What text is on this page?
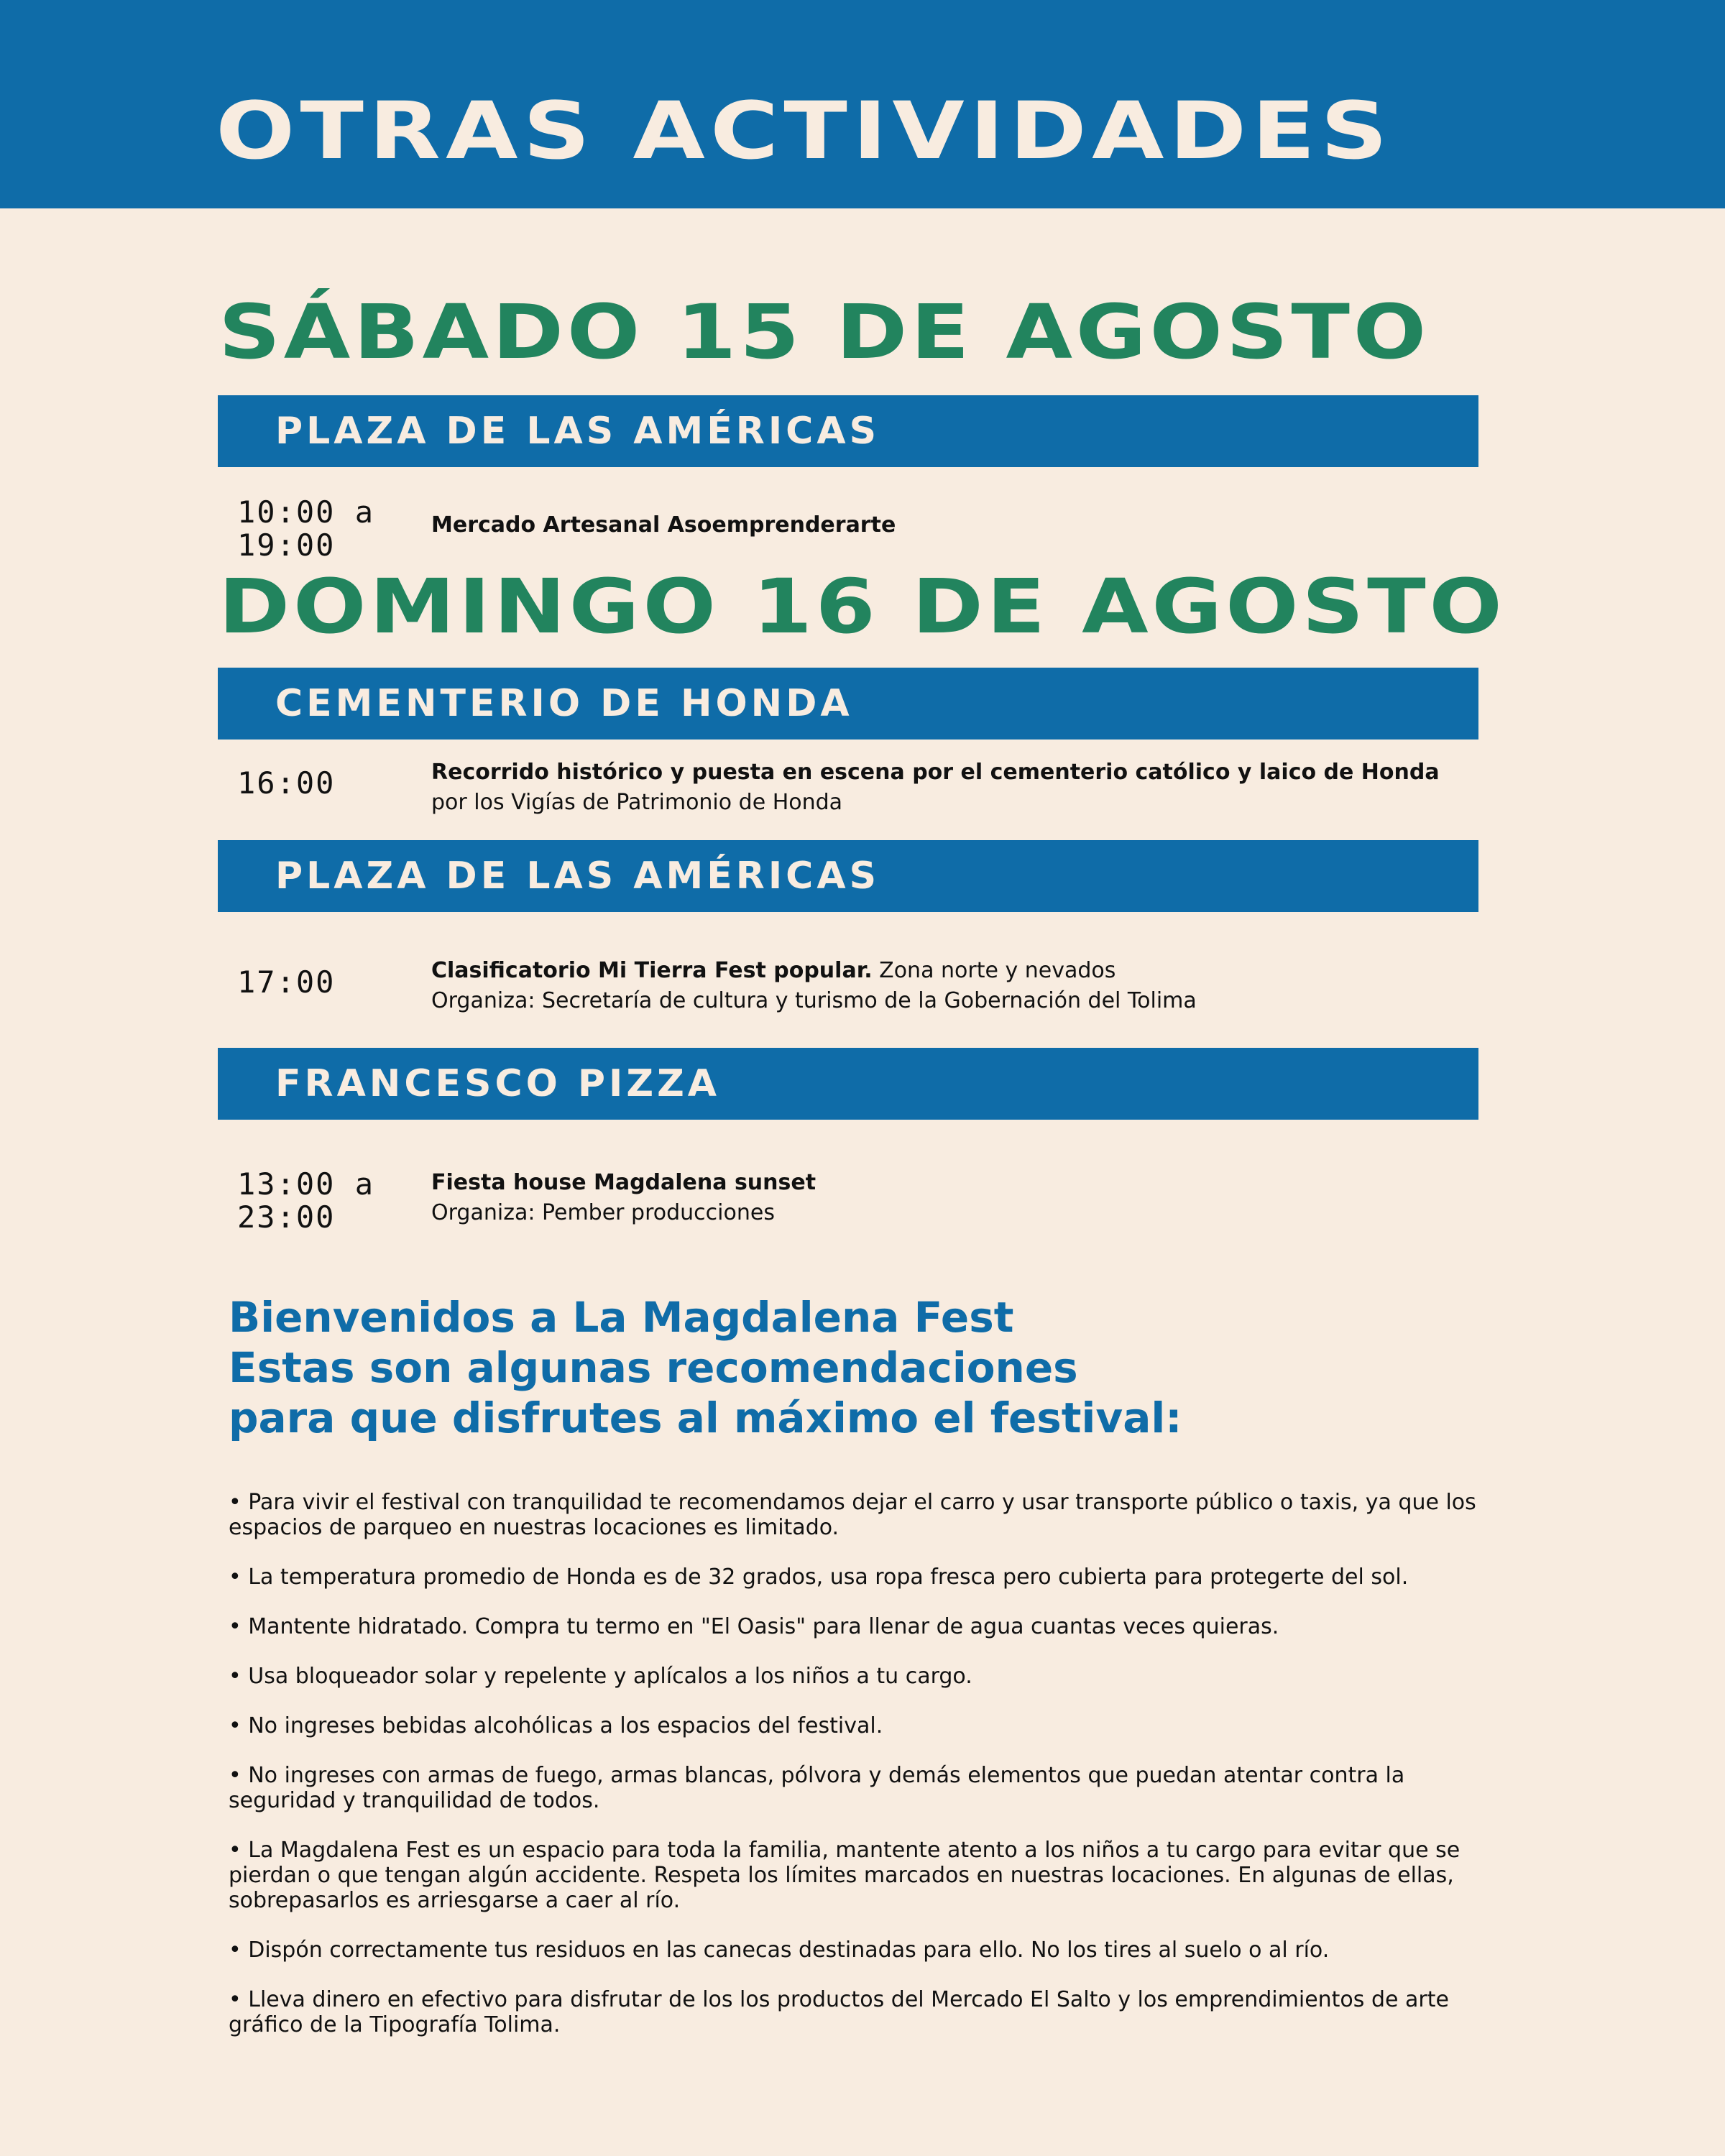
OTRAS ACTIVIDADES
SÁBADO 15 DE AGOSTO
PLAZA DE LAS AMÉRICAS
10:00 a
19:00
Mercado Artesanal Asoemprenderarte
DOMINGO 16 DE AGOSTO
CEMENTERIO DE HONDA
16:00	Recorrido histórico y puesta en escena por el cementerio católico y laico de Honda
por los Vigías de Patrimonio de Honda
PLAZA DE LAS AMÉRICAS
17:00	Clasificatorio Mi Tierra Fest popular. Zona norte y nevados
Organiza: Secretaría de cultura y turismo de la Gobernación del Tolima
FRANCESCO PIZZA
13:00 a
23:00
Fiesta house Magdalena sunset
Organiza: Pember producciones
Bienvenidos a La Magdalena Fest
Estas son algunas recomendaciones
para que disfrutes al máximo el festival:
• Para vivir el festival con tranquilidad te recomendamos dejar el carro y usar transporte público o taxis, ya que los espacios de parqueo en nuestras locaciones es limitado.
• La temperatura promedio de Honda es de 32 grados, usa ropa fresca pero cubierta para protegerte del sol.
• Mantente hidratado. Compra tu termo en "El Oasis" para llenar de agua cuantas veces quieras.
• Usa bloqueador solar y repelente y aplícalos a los niños a tu cargo.
• No ingreses bebidas alcohólicas a los espacios del festival.
• No ingreses con armas de fuego, armas blancas, pólvora y demás elementos que puedan atentar contra la seguridad y tranquilidad de todos.
• La Magdalena Fest es un espacio para toda la familia, mantente atento a los niños a tu cargo para evitar que se pierdan o que tengan algún accidente. Respeta los límites marcados en nuestras locaciones. En algunas de ellas, sobrepasarlos es arriesgarse a caer al río.
• Dispón correctamente tus residuos en las canecas destinadas para ello. No los tires al suelo o al río.
• Lleva dinero en efectivo para disfrutar de los los productos del Mercado El Salto y los emprendimientos de arte gráfico de la Tipografía Tolima.
